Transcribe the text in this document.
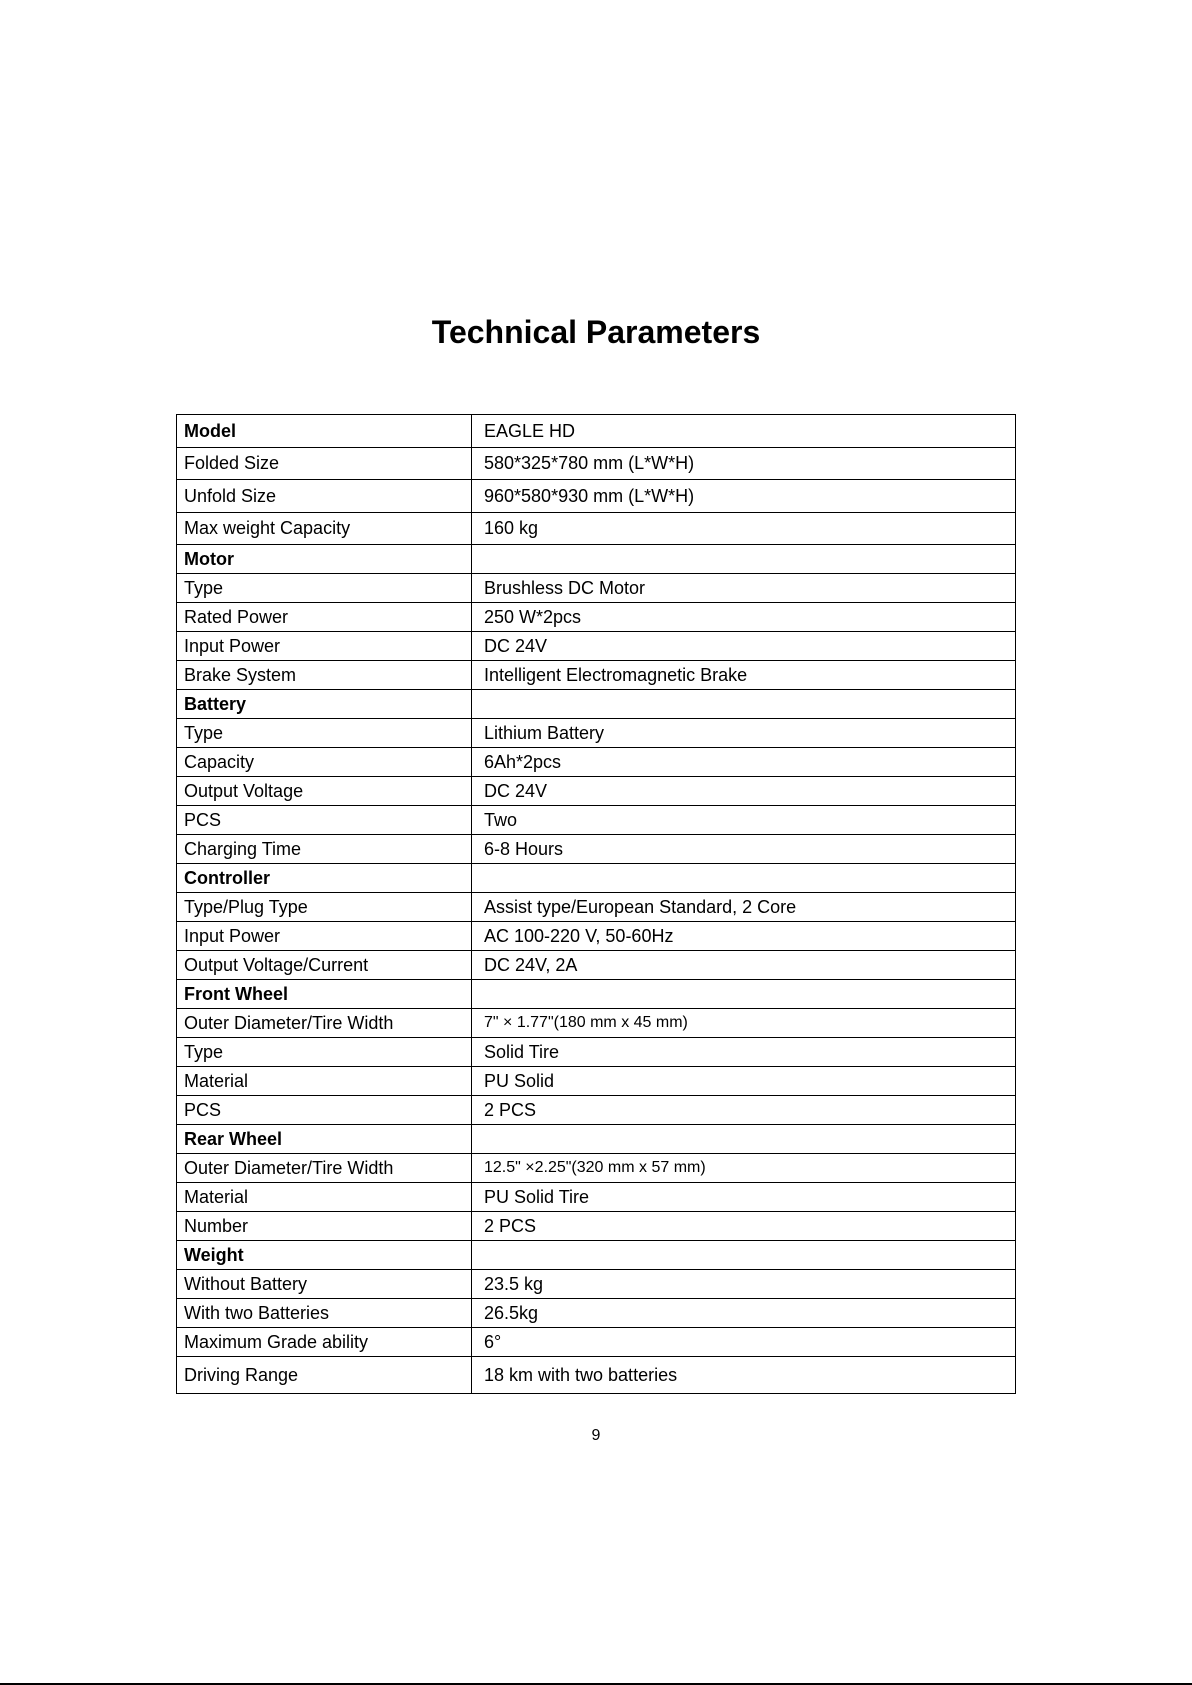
Technical Parameters
Model	EAGLE HD
Folded Size	580*325*780 mm (L*W*H)
Unfold Size	960*580*930 mm (L*W*H)
Max weight Capacity	160 kg
Motor	
Type	Brushless DC Motor
Rated Power	250 W*2pcs
Input Power	DC 24V
Brake System	Intelligent Electromagnetic Brake
Battery	
Type	Lithium Battery
Capacity	6Ah*2pcs
Output Voltage	DC 24V
PCS	Two
Charging Time	6-8 Hours
Controller	
Type/Plug Type	Assist type/European Standard, 2 Core
Input Power	AC 100-220 V, 50-60Hz
Output Voltage/Current	DC 24V, 2A
Front Wheel	
Outer Diameter/Tire Width	7" × 1.77"(180 mm x 45 mm)
Type	Solid Tire
Material	PU Solid
PCS	2 PCS
Rear Wheel	
Outer Diameter/Tire Width	12.5" ×2.25"(320 mm x 57 mm)
Material	PU Solid Tire
Number	2 PCS
Weight	
Without Battery	23.5 kg
With two Batteries	26.5kg
Maximum Grade ability	6°
Driving Range	18 km with two batteries
9
